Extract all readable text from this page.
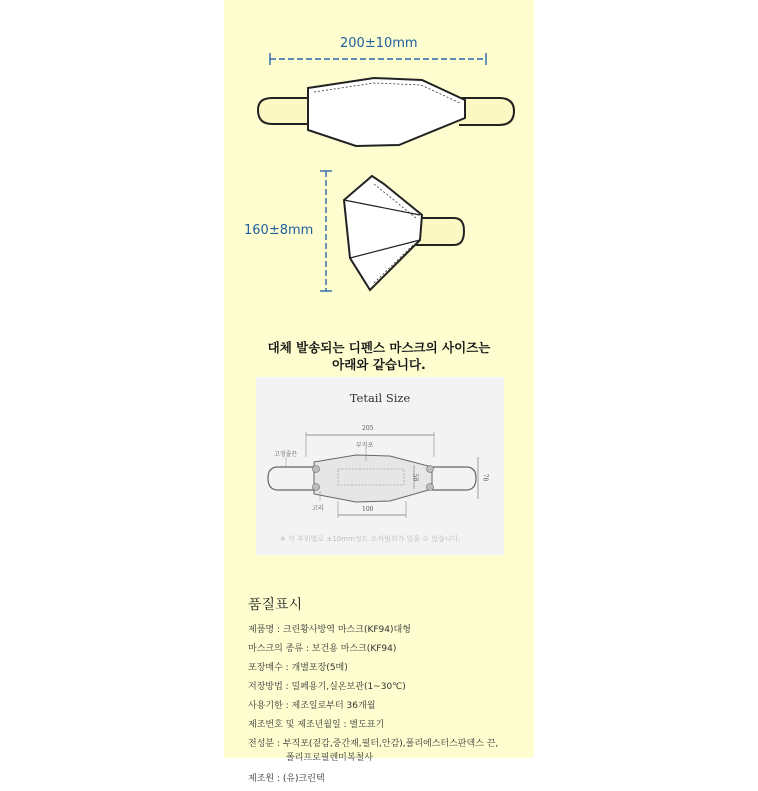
200±10mm
160±8mm
대체 발송되는 디펜스 마스크의 사이즈는
아래와 같습니다.
Tetail Size
205
100
78
58
부직포
고정줄끈
고리
※ 각 부위별로 ±10mm정도 오차범위가 있을 수 있습니다.
품질표시
제품명 : 크린황사방역 마스크(KF94)대형
마스크의 종류 : 보건용 마스크(KF94)
포장매수 : 개별포장(5매)
저장방법 : 밀페용기,실온보관(1~30℃)
사용기한 : 제조일로부터 36개월
제조번호 및 제조년월일 : 별도표기
전성분 : 부직포(겉감,중간재,필터,안감),폴리에스터스판덱스 끈,
폴리프로필렌미복철사
제조원 : (유)크린텍
